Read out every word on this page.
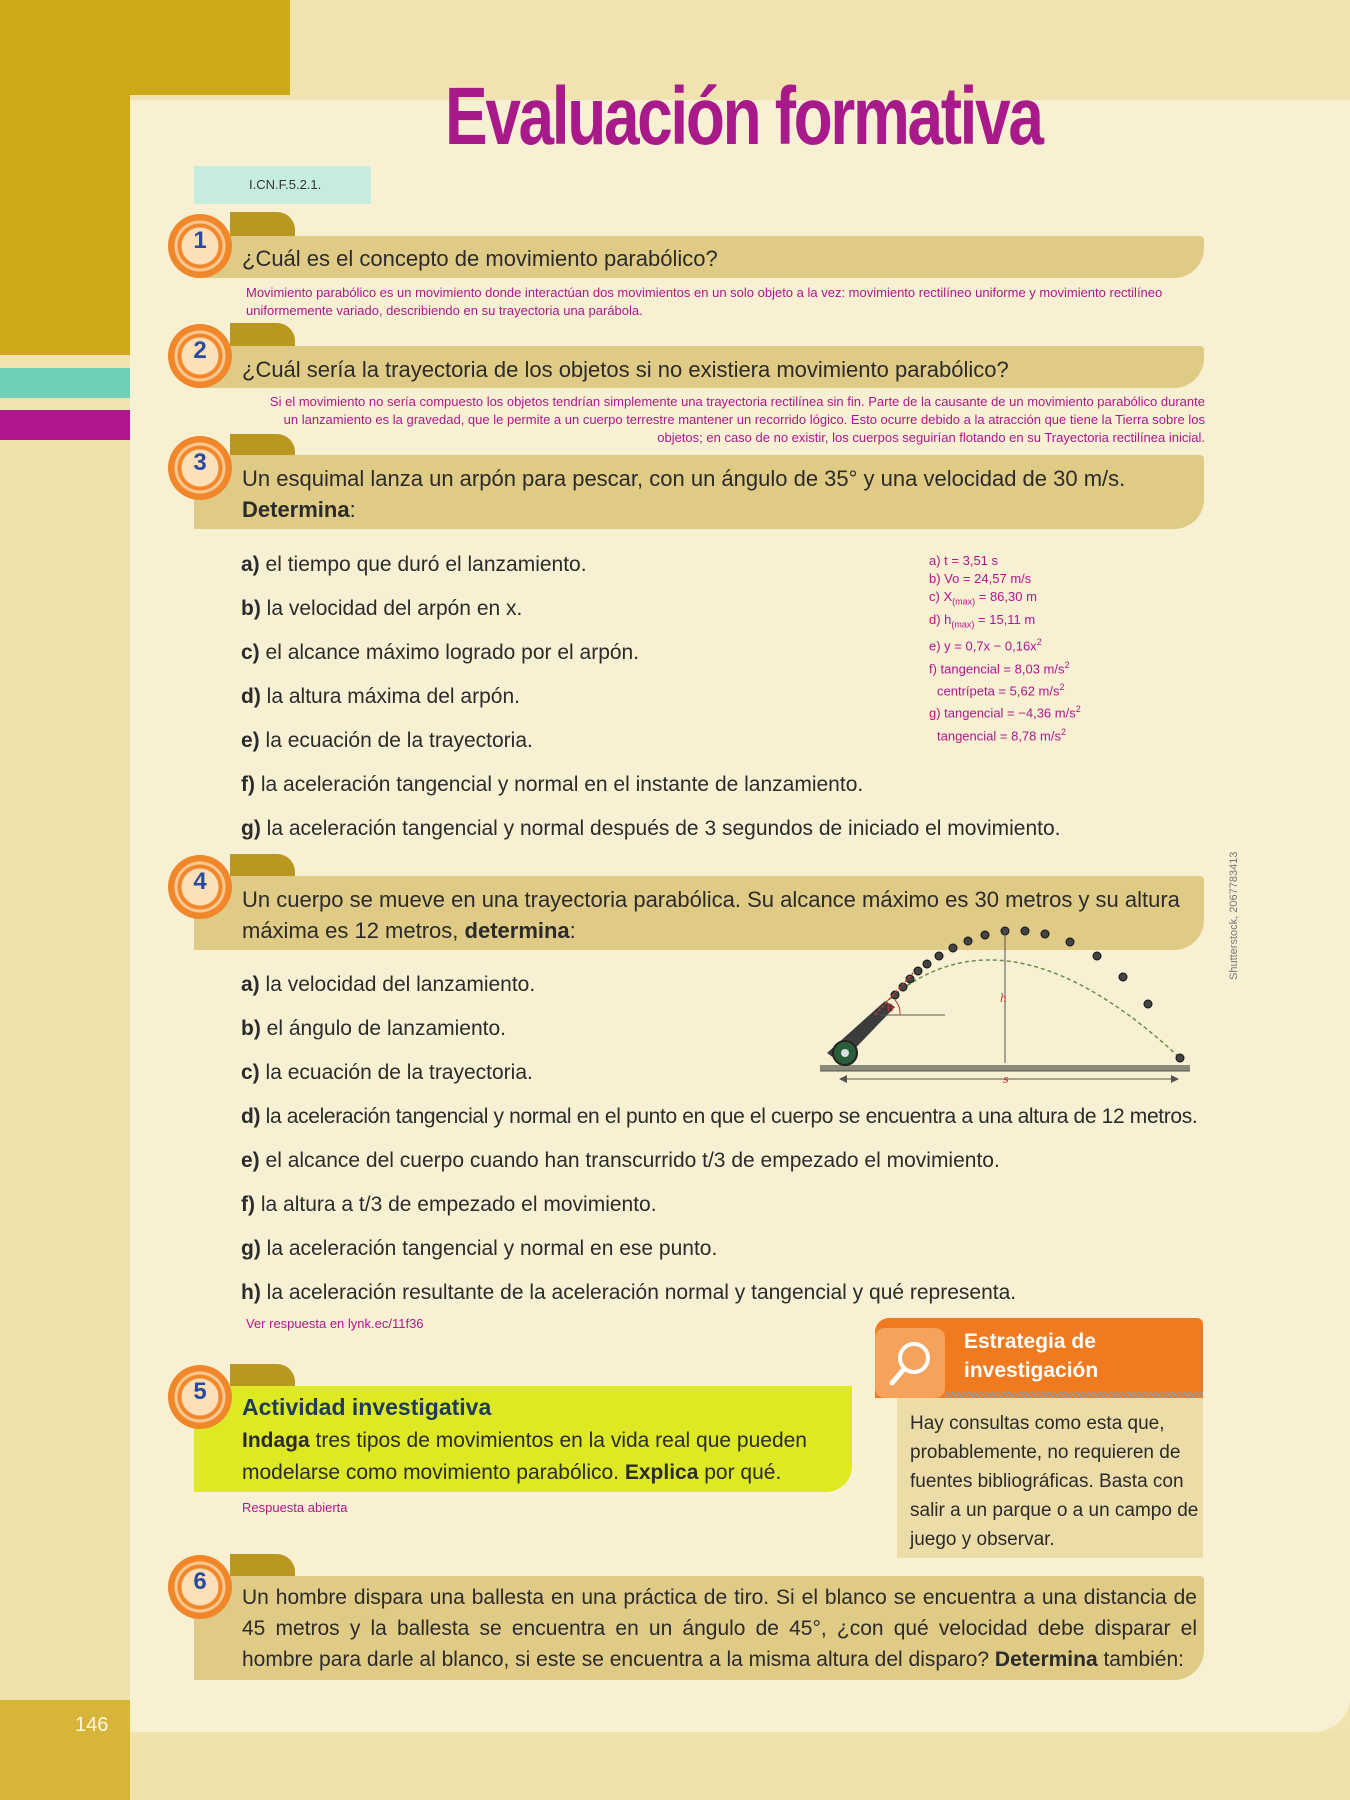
146
Evaluación formativa
I.CN.F.5.2.1.
1
¿Cuál es el concepto de movimiento parabólico?
Movimiento parabólico es un movimiento donde interactúan dos movimientos en un solo objeto a la vez: movimiento rectilíneo uniforme y movimiento rectilíneo
uniformemente variado, describiendo en su trayectoria una parábola.
2
¿Cuál sería la trayectoria de los objetos si no existiera movimiento parabólico?
Si el movimiento no sería compuesto los objetos tendrían simplemente una trayectoria rectilínea sin fin. Parte de la causante de un movimiento parabólico durante
un lanzamiento es la gravedad, que le permite a un cuerpo terrestre mantener un recorrido lógico. Esto ocurre debido a la atracción que tiene la Tierra sobre los
objetos; en caso de no existir, los cuerpos seguirían flotando en su Trayectoria rectilínea inicial.
3
Un esquimal lanza un arpón para pescar, con un ángulo de 35° y una velocidad de 30 m/s.
Determina:
a) el tiempo que duró el lanzamiento.
b) la velocidad del arpón en x.
c) el alcance máximo logrado por el arpón.
d) la altura máxima del arpón.
e) la ecuación de la trayectoria.
f) la aceleración tangencial y normal en el instante de lanzamiento.
g) la aceleración tangencial y normal después de 3 segundos de iniciado el movimiento.
a) t = 3,51 s
b) Vo = 24,57 m/s
c) $X_{(max)} = 86,30$ m
d) $h_{(max)} = 15,11$ m
e) $y = 0,7x - 0,16x^2$
f) tangencial = 8,03 $m/s^2$
centrípeta = 5,62 $m/s^2$
g) tangencial = −4,36 $m/s^2$
tangencial = 8,78 $m/s^2$
4
Un cuerpo se mueve en una trayectoria parabólica. Su alcance máximo es 30 metros y su altura
máxima es 12 metros, determina:
a) la velocidad del lanzamiento.
b) el ángulo de lanzamiento.
c) la ecuación de la trayectoria.
d) la aceleración tangencial y normal en el punto en que el cuerpo se encuentra a una altura de 12 metros.
e) el alcance del cuerpo cuando han transcurrido t/3 de empezado el movimiento.
f) la altura a t/3 de empezado el movimiento.
g) la aceleración tangencial y normal en ese punto.
h) la aceleración resultante de la aceleración normal y tangencial y qué representa.
θ
h
s
Shutterstock, 2067783413
Ver respuesta en lynk.ec/11f36
5
Actividad investigativa
Indaga tres tipos de movimientos en la vida real que pueden modelarse como movimiento parabólico. Explica por qué.
Respuesta abierta
Estrategia de
investigación
Hay consultas como esta que, probablemente, no requieren de fuentes bibliográficas. Basta con salir a un parque o a un campo de juego y observar.
6
Un hombre dispara una ballesta en una práctica de tiro. Si el blanco se encuentra a una distancia de 45 metros y la ballesta se encuentra en un ángulo de 45°, ¿con qué velocidad debe disparar el hombre para darle al blanco, si este se encuentra a la misma altura del disparo? Determina también:
